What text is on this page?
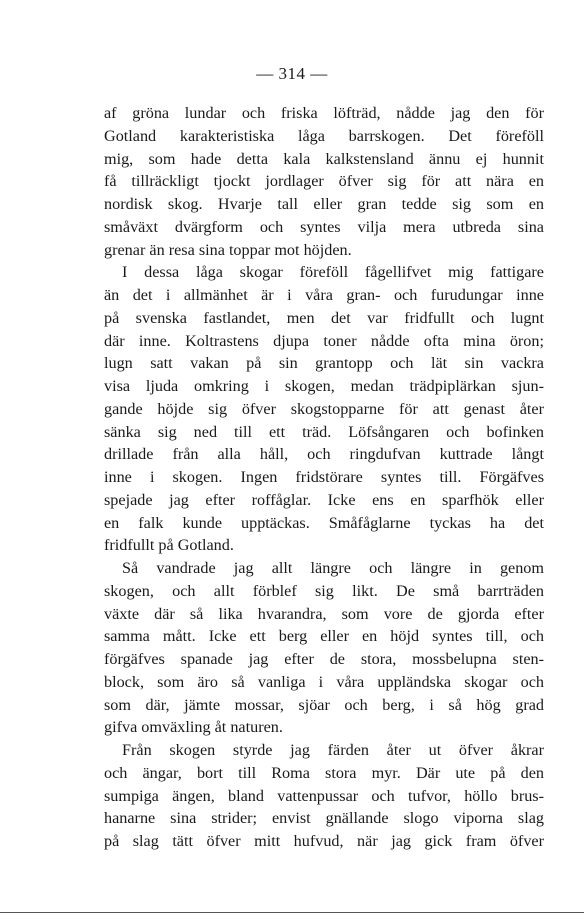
— 314 —
af gröna lundar och friska löfträd, nådde jag den för
Gotland karakteristiska låga barrskogen. Det föreföll
mig, som hade detta kala kalkstensland ännu ej hunnit
få tillräckligt tjockt jordlager öfver sig för att nära en
nordisk skog. Hvarje tall eller gran tedde sig som en
småväxt dvärgform och syntes vilja mera utbreda sina
grenar än resa sina toppar mot höjden.
I dessa låga skogar föreföll fågellifvet mig fattigare
än det i allmänhet är i våra gran- och furudungar inne
på svenska fastlandet, men det var fridfullt och lugnt
där inne. Koltrastens djupa toner nådde ofta mina öron;
lugn satt vakan på sin grantopp och lät sin vackra
visa ljuda omkring i skogen, medan trädpiplärkan sjun-
gande höjde sig öfver skogstopparne för att genast åter
sänka sig ned till ett träd. Löfsångaren och bofinken
drillade från alla håll, och ringdufvan kuttrade långt
inne i skogen. Ingen fridstörare syntes till. Förgäfves
spejade jag efter roffåglar. Icke ens en sparfhök eller
en falk kunde upptäckas. Småfåglarne tyckas ha det
fridfullt på Gotland.
Så vandrade jag allt längre och längre in genom
skogen, och allt förblef sig likt. De små barrträden
växte där så lika hvarandra, som vore de gjorda efter
samma mått. Icke ett berg eller en höjd syntes till, och
förgäfves spanade jag efter de stora, mossbelupna sten-
block, som äro så vanliga i våra uppländska skogar och
som där, jämte mossar, sjöar och berg, i så hög grad
gifva omväxling åt naturen.
Från skogen styrde jag färden åter ut öfver åkrar
och ängar, bort till Roma stora myr. Där ute på den
sumpiga ängen, bland vattenpussar och tufvor, höllo brus-
hanarne sina strider; envist gnällande slogo viporna slag
på slag tätt öfver mitt hufvud, när jag gick fram öfver
